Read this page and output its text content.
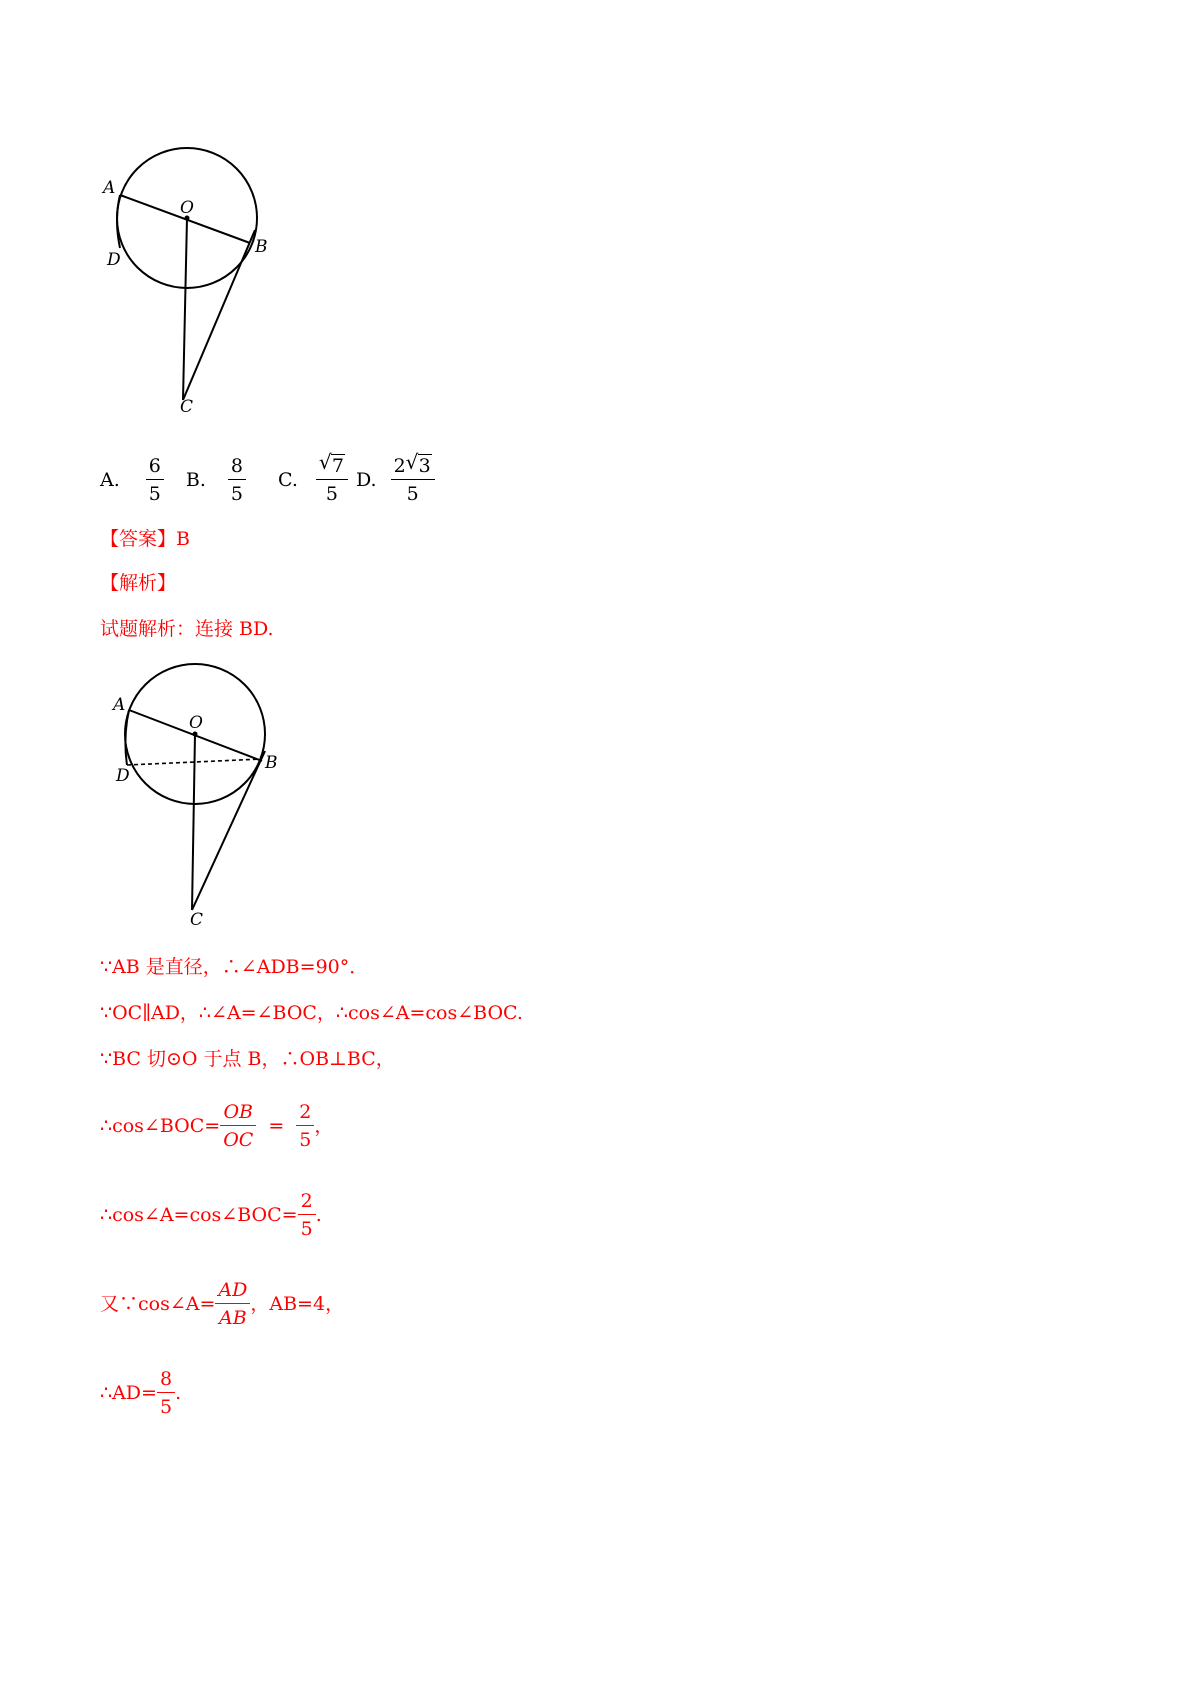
A
O
B
D
C
A. $\frac{6}{5} B$. $\frac{8}{5} C$. $\frac{√ 7}{5} D$. $\frac{2 √ 3}{5}$
【答案】B
【解析】
试题解析：连接 BD.
A
O
B
D
C
∵AB 是直径，∴∠ADB=90°．
∵OC∥AD，∴∠A=∠BOC，∴cos∠A=cos∠BOC.
∵BC 切⊙O 于点 B，∴OB⊥BC，
∴cos∠BOC= $\frac{OB}{OC} = \frac{2}{5}$ ，
∴cos∠A=cos∠BOC= $\frac{2}{5}$ .
又∵cos∠A= $\frac{AD}{AB}$ ，AB=4，
∴AD= $\frac{8}{5}$ .
